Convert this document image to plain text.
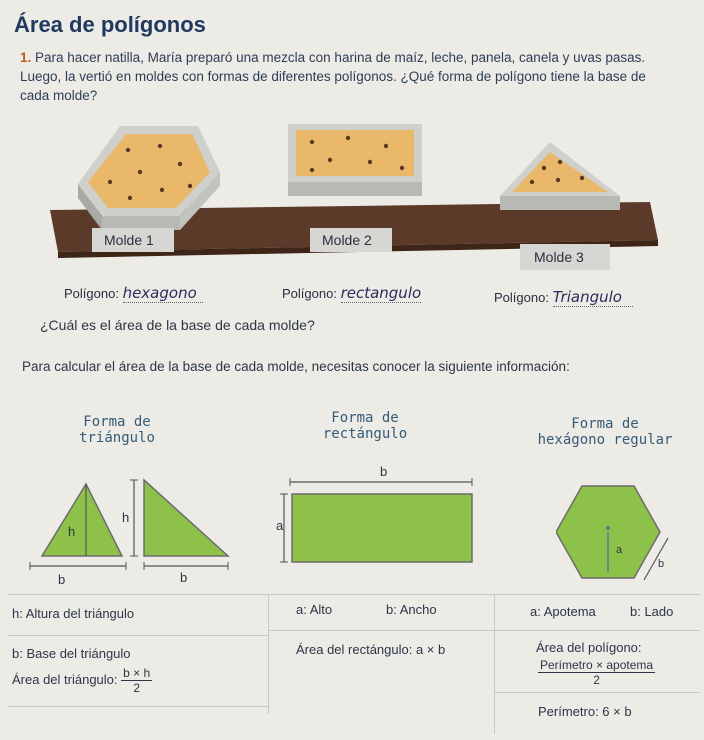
Área de polígonos
1. Para hacer natilla, María preparó una mezcla con harina de maíz, leche, panela, canela y uvas pasas. Luego, la vertió en moldes con formas de diferentes polígonos. ¿Qué forma de polígono tiene la base de cada molde?
Molde 1	Molde 2
Molde 3
Polígono: hexagono	Polígono: rectangulo	Polígono: Triangulo
¿Cuál es el área de la base de cada molde?
Para calcular el área de la base de cada molde, necesitas conocer la siguiente información:
Forma de
triángulo
Forma de
rectángulo
Forma de
hexágono regular
h
b
h
b
b
a
a
b
h: Altura del triángulo
b: Base del triángulo
Área del triángulo: $\frac{b \times h}{2}$
a: Alto	b: Ancho
Área del rectángulo: a × b
a: Apotema	b: Lado
Área del polígono:
$\frac{\text{Perímetro × apotema}}{2}$
Perímetro: 6 × b
